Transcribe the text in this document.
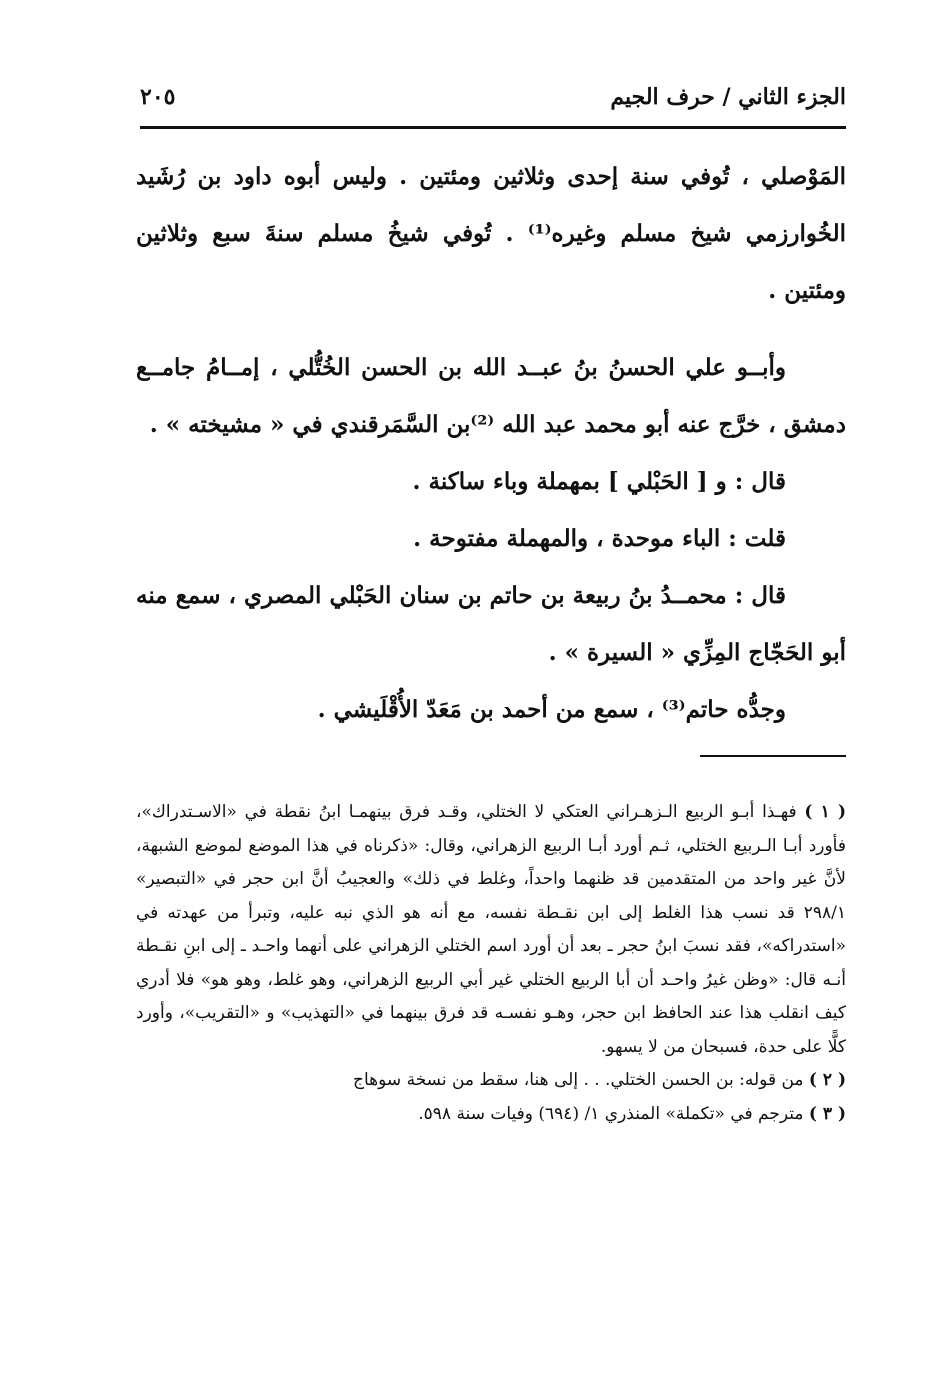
الجزء الثاني / حرف الجيم
٢٠٥

المَوْصلي ، تُوفي سنة إحدى وثلاثين ومئتين . وليس أبوه داود بن رُشَيد الخُوارزمي شيخ مسلم وغيره⁽¹⁾ . تُوفي شيخُ مسلم سنةَ سبع وثلاثين ومئتين .

وأبــو علي الحسنُ بنُ عبــد الله بن الحسن الخُتُّلي ، إمــامُ جامــع دمشق ، خرَّج عنه أبو محمد عبد الله ⁽²⁾بن السَّمَرقندي في « مشيخته » .

قال : و [ الحَبْلي ] بمهملة وباء ساكنة .

قلت : الباء موحدة ، والمهملة مفتوحة .

قال : محمــدُ بنُ ربيعة بن حاتم بن سنان الحَبْلي المصري ، سمع منه أبو الحَجّاج المِزِّي « السيرة » .

وجدُّه حاتم⁽³⁾ ، سمع من أحمد بن مَعَدّ الأُقْلَيشي .

( ١ ) فهـذا أبـو الربيع الـزهـراني العتكي لا الختلي، وقـد فرق بينهمـا ابنُ نقطة في «الاسـتدراك»، فأورد أبـا الـربيع الختلي، ثـم أورد أبـا الربيع الزهراني، وقال: «ذكرناه في هذا الموضع لموضع الشبهة، لأنَّ غير واحد من المتقدمين قد ظنهما واحداً، وغلط في ذلك» والعجيبُ أنَّ ابن حجر في «التبصير» ٢٩٨/١ قد نسب هذا الغلط إلى ابن نقـطة نفسه، مع أنه هو الذي نبه عليه، وتبرأ من عهدته في «استدراكه»، فقد نسبَ ابنُ حجر ـ بعد أن أورد اسم الختلي الزهراني على أنهما واحـد ـ إلى ابنِ نقـطة أنـه قال: «وظن غيرُ واحـد أن أبا الربيع الختلي غير أبي الربيع الزهراني، وهو غلط، وهو هو» فلا أدري كيف انقلب هذا عند الحافظ ابن حجر، وهـو نفسـه قد فرق بينهما في «التهذيب» و «التقريب»، وأورد كلًّا على حدة، فسبحان من لا يسهو.

( ٢ ) من قوله: بن الحسن الختلي. . . إلى هنا، سقط من نسخة سوهاج

( ٣ ) مترجم في «تكملة» المنذري ١/ (٦٩٤) وفيات سنة ٥٩٨.
